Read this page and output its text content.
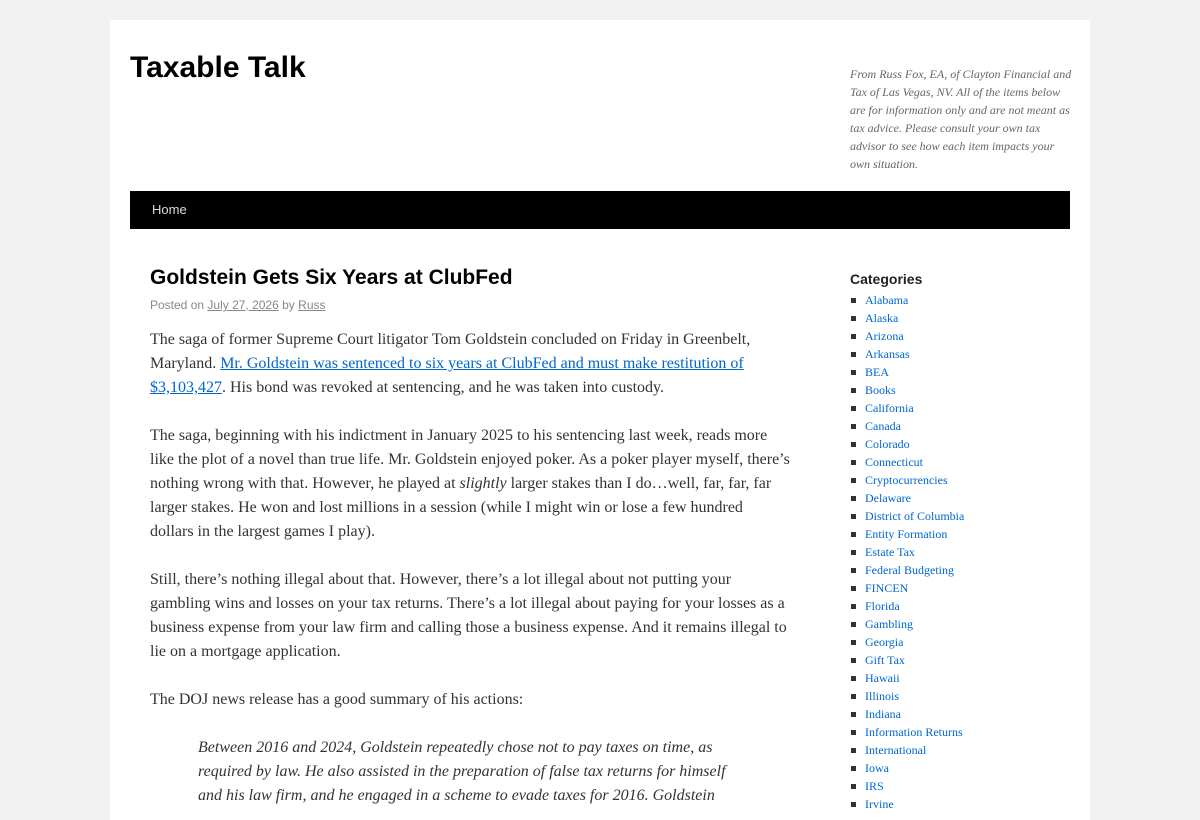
Taxable Talk	From Russ Fox, EA, of Clayton Financial and Tax of Las Vegas, NV. All of the items below are for information only and are not meant as tax advice. Please consult your own tax advisor to see how each item impacts your own situation.
Home
Goldstein Gets Six Years at ClubFed
Posted on July 27, 2026 by Russ

The saga of former Supreme Court litigator Tom Goldstein concluded on Friday in Greenbelt, Maryland. Mr. Goldstein was sentenced to six years at ClubFed and must make restitution of $3,103,427. His bond was revoked at sentencing, and he was taken into custody.

The saga, beginning with his indictment in January 2025 to his sentencing last week, reads more like the plot of a novel than true life. Mr. Goldstein enjoyed poker. As a poker player myself, there’s nothing wrong with that. However, he played at slightly larger stakes than I do…well, far, far, far larger stakes. He won and lost millions in a session (while I might win or lose a few hundred dollars in the largest games I play).

Still, there’s nothing illegal about that. However, there’s a lot illegal about not putting your gambling wins and losses on your tax returns. There’s a lot illegal about paying for your losses as a business expense from your law firm and calling those a business expense. And it remains illegal to lie on a mortgage application.

The DOJ news release has a good summary of his actions:

Between 2016 and 2024, Goldstein repeatedly chose not to pay taxes on time, as required by law. He also assisted in the preparation of false tax returns for himself and his law firm, and he engaged in a scheme to evade taxes for 2016. Goldstein
Categories
Alabama
Alaska
Arizona
Arkansas
BEA
Books
California
Canada
Colorado
Connecticut
Cryptocurrencies
Delaware
District of Columbia
Entity Formation
Estate Tax
Federal Budgeting
FINCEN
Florida
Gambling
Georgia
Gift Tax
Hawaii
Illinois
Indiana
Information Returns
International
Iowa
IRS
Irvine
